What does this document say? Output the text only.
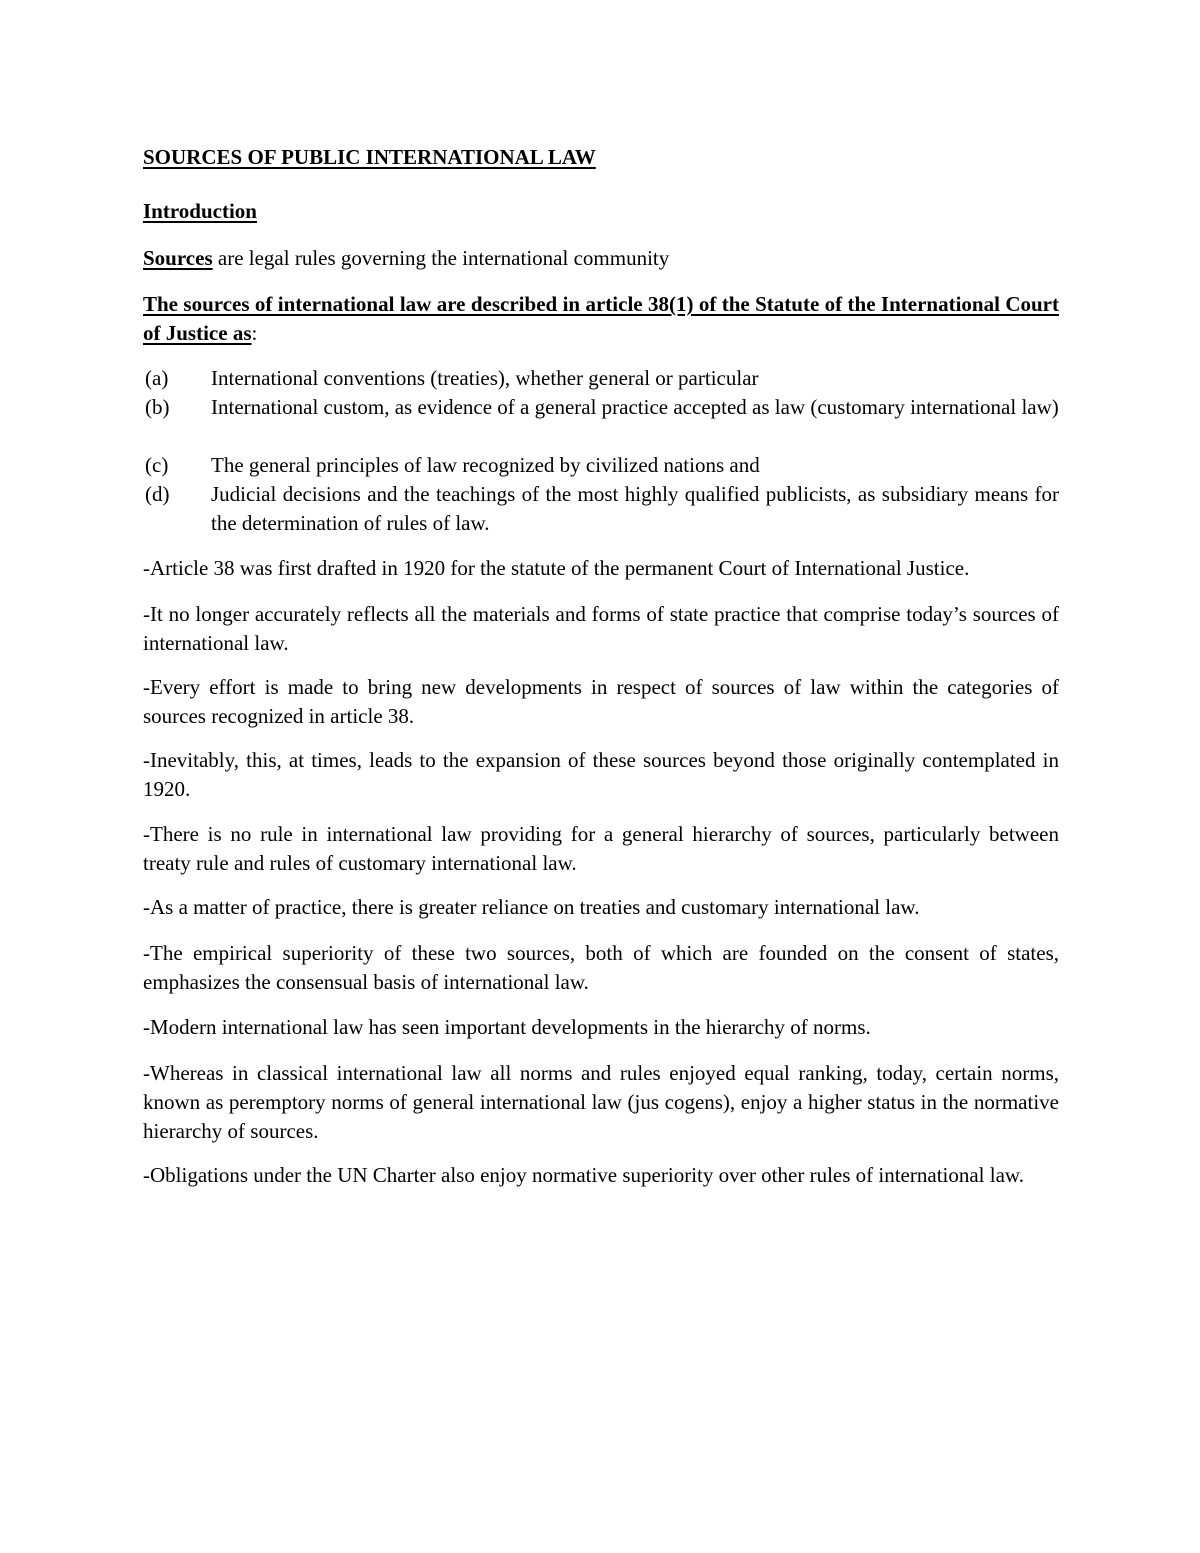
SOURCES OF PUBLIC INTERNATIONAL LAW
Introduction
Sources are legal rules governing the international community
The sources of international law are described in article 38(1) of the Statute of the International Court of Justice as:
(a)	International conventions (treaties), whether general or particular
(b)	International custom, as evidence of a general practice accepted as law (customary international law)
(c)	The general principles of law recognized by civilized nations and
(d)	Judicial decisions and the teachings of the most highly qualified publicists, as subsidiary means for the determination of rules of law.
-Article 38 was first drafted in 1920 for the statute of the permanent Court of International Justice.
-It no longer accurately reflects all the materials and forms of state practice that comprise today’s sources of international law.
-Every effort is made to bring new developments in respect of sources of law within the categories of sources recognized in article 38.
-Inevitably, this, at times, leads to the expansion of these sources beyond those originally contemplated in 1920.
-There is no rule in international law providing for a general hierarchy of sources, particularly between treaty rule and rules of customary international law.
-As a matter of practice, there is greater reliance on treaties and customary international law.
-The empirical superiority of these two sources, both of which are founded on the consent of states, emphasizes the consensual basis of international law.
-Modern international law has seen important developments in the hierarchy of norms.
-Whereas in classical international law all norms and rules enjoyed equal ranking, today, certain norms, known as peremptory norms of general international law (jus cogens), enjoy a higher status in the normative hierarchy of sources.
-Obligations under the UN Charter also enjoy normative superiority over other rules of international law.
